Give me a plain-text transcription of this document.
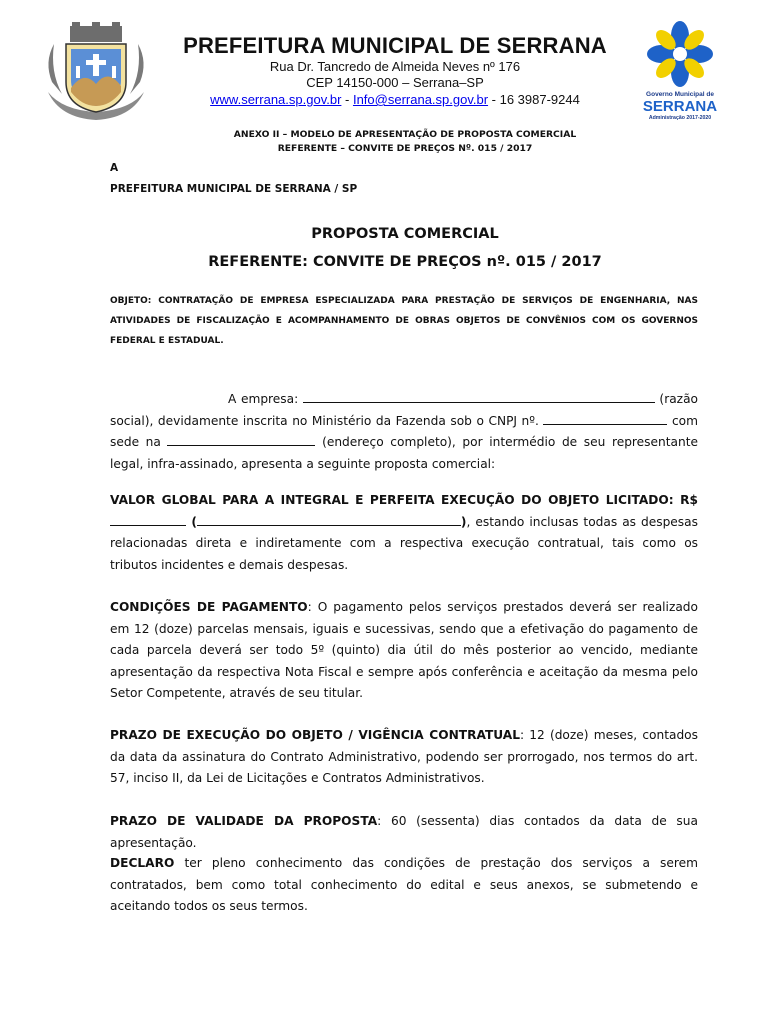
PREFEITURA MUNICIPAL DE SERRANA
Rua Dr. Tancredo de Almeida Neves nº 176
CEP 14150-000 – Serrana–SP
www.serrana.sp.gov.br - Info@serrana.sp.gov.br - 16 3987-9244	Governo Municipal de
SERRANA
Administração 2017-2020
ANEXO II – MODELO DE APRESENTAÇÃO DE PROPOSTA COMERCIAL
REFERENTE – CONVITE DE PREÇOS Nº. 015 / 2017
A
PREFEITURA MUNICIPAL DE SERRANA / SP
PROPOSTA COMERCIAL
REFERENTE: CONVITE DE PREÇOS nº. 015 / 2017
OBJETO: CONTRATAÇÃO DE EMPRESA ESPECIALIZADA PARA PRESTAÇÃO DE SERVIÇOS DE ENGENHARIA, NAS ATIVIDADES DE FISCALIZAÇÃO E ACOMPANHAMENTO DE OBRAS OBJETOS DE CONVÊNIOS COM OS GOVERNOS FEDERAL E ESTADUAL.
A empresa:	(razão social), devidamente inscrita no Ministério da Fazenda sob o CNPJ nº.	com sede na	(endereço completo), por intermédio de seu representante legal, infra-assinado, apresenta a seguinte proposta comercial:
VALOR GLOBAL PARA A INTEGRAL E PERFEITA EXECUÇÃO DO OBJETO LICITADO: R$  (	), estando inclusas todas as despesas relacionadas direta e indiretamente com a respectiva execução contratual, tais como os tributos incidentes e demais despesas.
CONDIÇÕES DE PAGAMENTO: O pagamento pelos serviços prestados deverá ser realizado em 12 (doze) parcelas mensais, iguais e sucessivas, sendo que a efetivação do pagamento de cada parcela deverá ser todo 5º (quinto) dia útil do mês posterior ao vencido, mediante apresentação da respectiva Nota Fiscal e sempre após conferência e aceitação da mesma pelo Setor Competente, através de seu titular.
PRAZO DE EXECUÇÃO DO OBJETO / VIGÊNCIA CONTRATUAL: 12 (doze) meses, contados da data da assinatura do Contrato Administrativo, podendo ser prorrogado, nos termos do art. 57, inciso II, da Lei de Licitações e Contratos Administrativos.
PRAZO DE VALIDADE DA PROPOSTA: 60 (sessenta) dias contados da data de sua apresentação.
DECLARO ter pleno conhecimento das condições de prestação dos serviços a serem contratados, bem como total conhecimento do edital e seus anexos, se submetendo e aceitando todos os seus termos.
